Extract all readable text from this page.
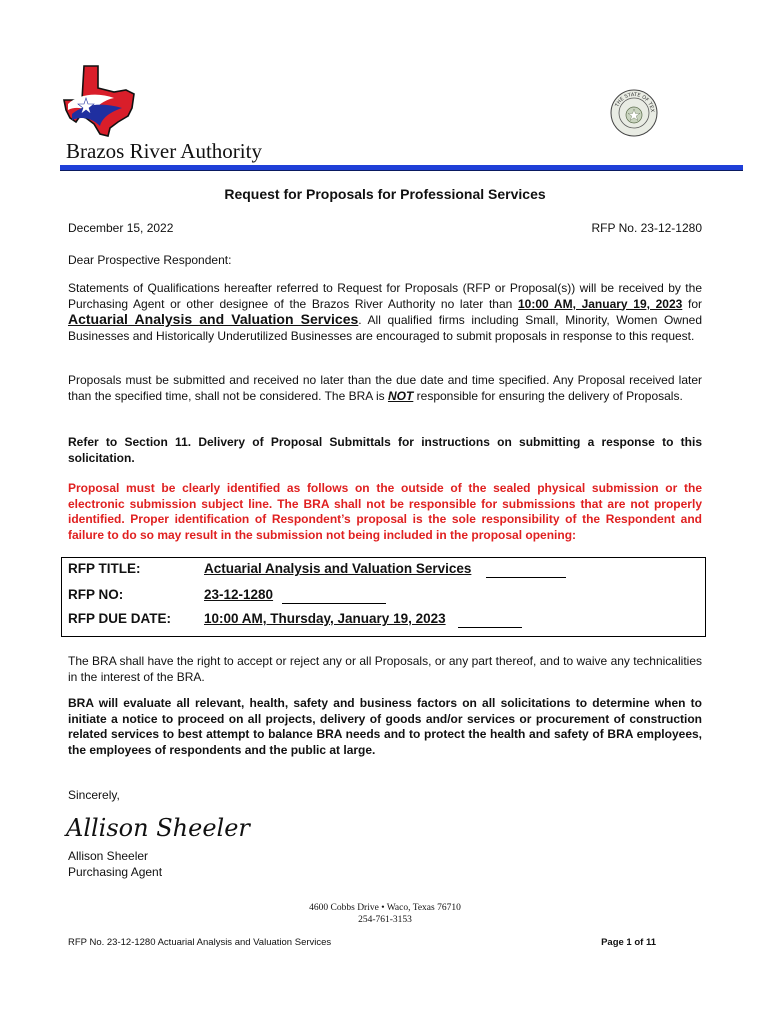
THE STATE OF TEX
Brazos River Authority
Request for Proposals for Professional Services
December 15, 2022	RFP No. 23-12-1280
Dear Prospective Respondent:
Statements of Qualifications hereafter referred to Request for Proposals (RFP or Proposal(s)) will be received by the Purchasing Agent or other designee of the Brazos River Authority no later than 10:00 AM, January 19, 2023 for Actuarial Analysis and Valuation Services. All qualified firms including Small, Minority, Women Owned Businesses and Historically Underutilized Businesses are encouraged to submit proposals in response to this request.
Proposals must be submitted and received no later than the due date and time specified. Any Proposal received later than the specified time, shall not be considered. The BRA is NOT responsible for ensuring the delivery of Proposals.
Refer to Section 11. Delivery of Proposal Submittals for instructions on submitting a response to this solicitation.
Proposal must be clearly identified as follows on the outside of the sealed physical submission or the electronic submission subject line. The BRA shall not be responsible for submissions that are not properly identified. Proper identification of Respondent’s proposal is the sole responsibility of the Respondent and failure to do so may result in the submission not being included in the proposal opening:
RFP TITLE:	Actuarial Analysis and Valuation Services
RFP NO:	23-12-1280
RFP DUE DATE: 10:00 AM, Thursday, January 19, 2023
The BRA shall have the right to accept or reject any or all Proposals, or any part thereof, and to waive any technicalities in the interest of the BRA.
BRA will evaluate all relevant, health, safety and business factors on all solicitations to determine when to initiate a notice to proceed on all projects, delivery of goods and/or services or procurement of construction related services to best attempt to balance BRA needs and to protect the health and safety of BRA employees, the employees of respondents and the public at large.
Sincerely,
Allison Sheeler
Allison Sheeler
Purchasing Agent
4600 Cobbs Drive • Waco, Texas 76710
254-761-3153
RFP No. 23-12-1280 Actuarial Analysis and Valuation Services	Page 1 of 11
